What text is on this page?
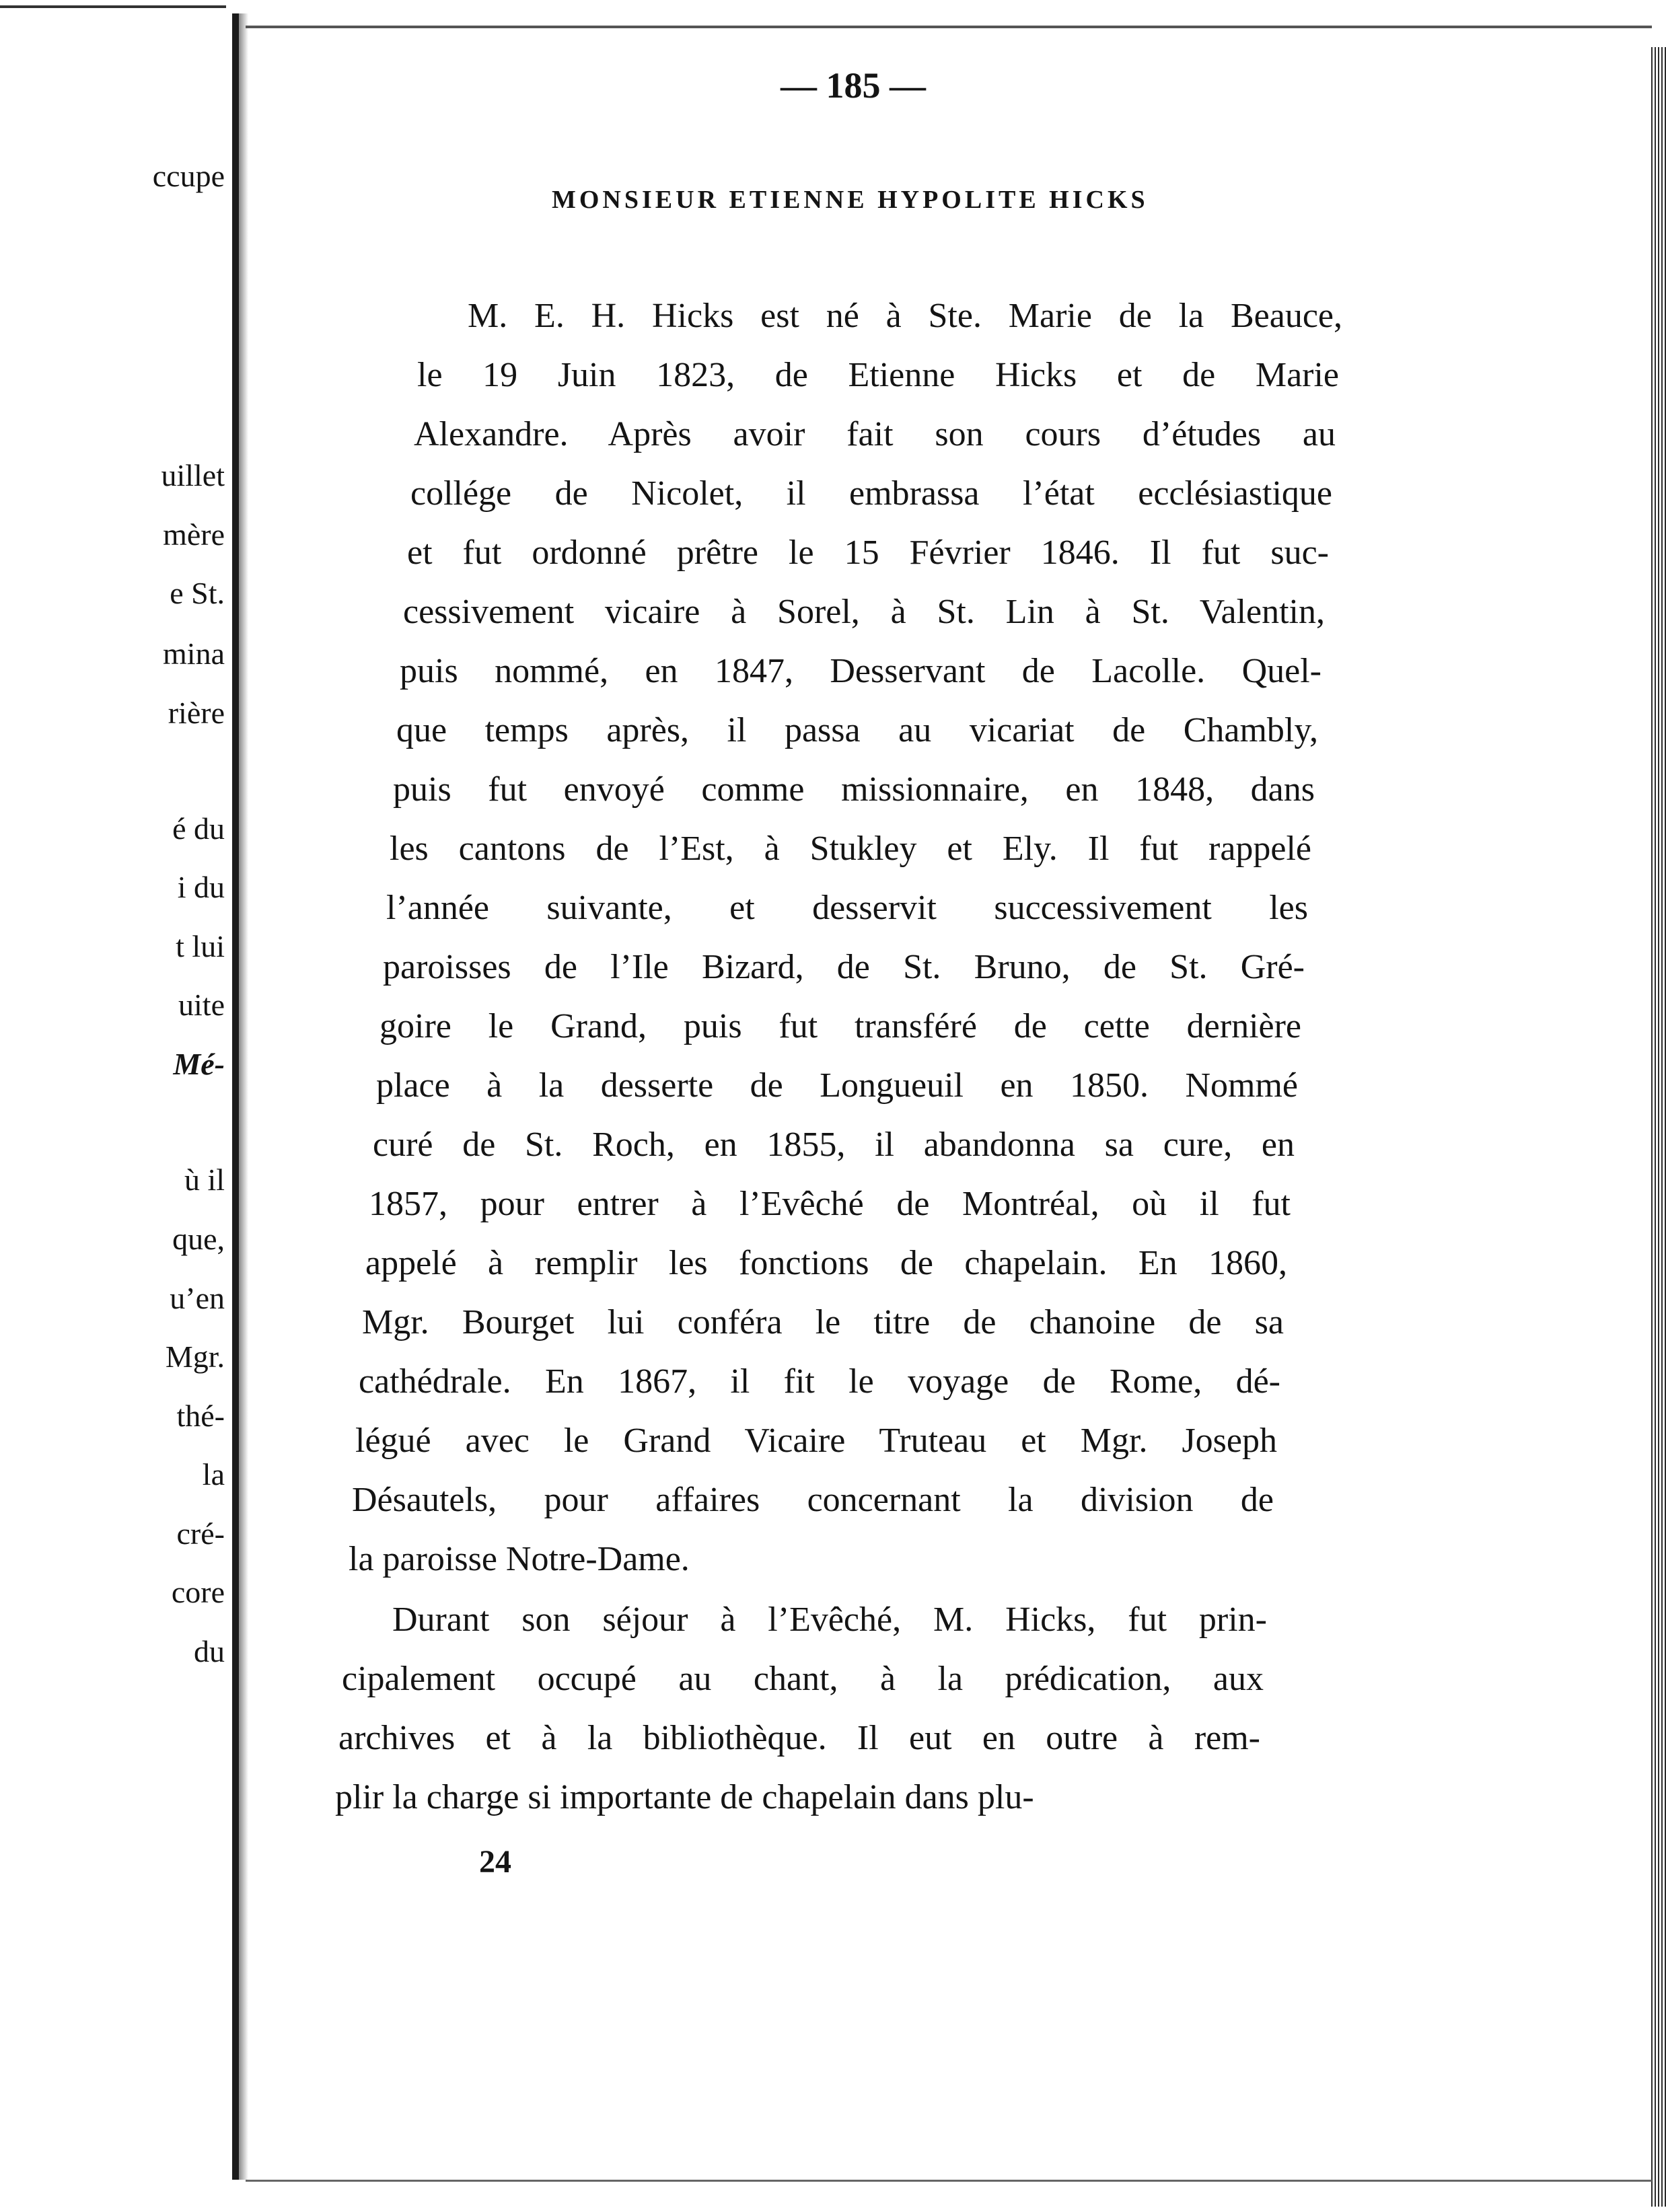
ccupe
uillet
mère
e St.
mina
rière
é du
i du
t lui
uite
Mé-
ù il
que,
u’en
Mgr.
thé-
la
cré-
core
du
— 185 —
MONSIEUR ETIENNE HYPOLITE HICKS
M. E. H. Hicks est né à Ste. Marie de la Beauce,
le 19 Juin 1823, de Etienne Hicks et de Marie
Alexandre. Après avoir fait son cours d’études au
collége de Nicolet, il embrassa l’état ecclésiastique
et fut ordonné prêtre le 15 Février 1846. Il fut suc-
cessivement vicaire à Sorel, à St. Lin à St. Valentin,
puis nommé, en 1847, Desservant de Lacolle. Quel-
que temps après, il passa au vicariat de Chambly,
puis fut envoyé comme missionnaire, en 1848, dans
les cantons de l’Est, à Stukley et Ely. Il fut rappelé
l’année suivante, et desservit successivement les
paroisses de l’Ile Bizard, de St. Bruno, de St. Gré-
goire le Grand, puis fut transféré de cette dernière
place à la desserte de Longueuil en 1850. Nommé
curé de St. Roch, en 1855, il abandonna sa cure, en
1857, pour entrer à l’Evêché de Montréal, où il fut
appelé à remplir les fonctions de chapelain. En 1860,
Mgr. Bourget lui conféra le titre de chanoine de sa
cathédrale. En 1867, il fit le voyage de Rome, dé-
légué avec le Grand Vicaire Truteau et Mgr. Joseph
Désautels, pour affaires concernant la division de
la paroisse Notre-Dame.
Durant son séjour à l’Evêché, M. Hicks, fut prin-
cipalement occupé au chant, à la prédication, aux
archives et à la bibliothèque. Il eut en outre à rem-
plir la charge si importante de chapelain dans plu-
24
